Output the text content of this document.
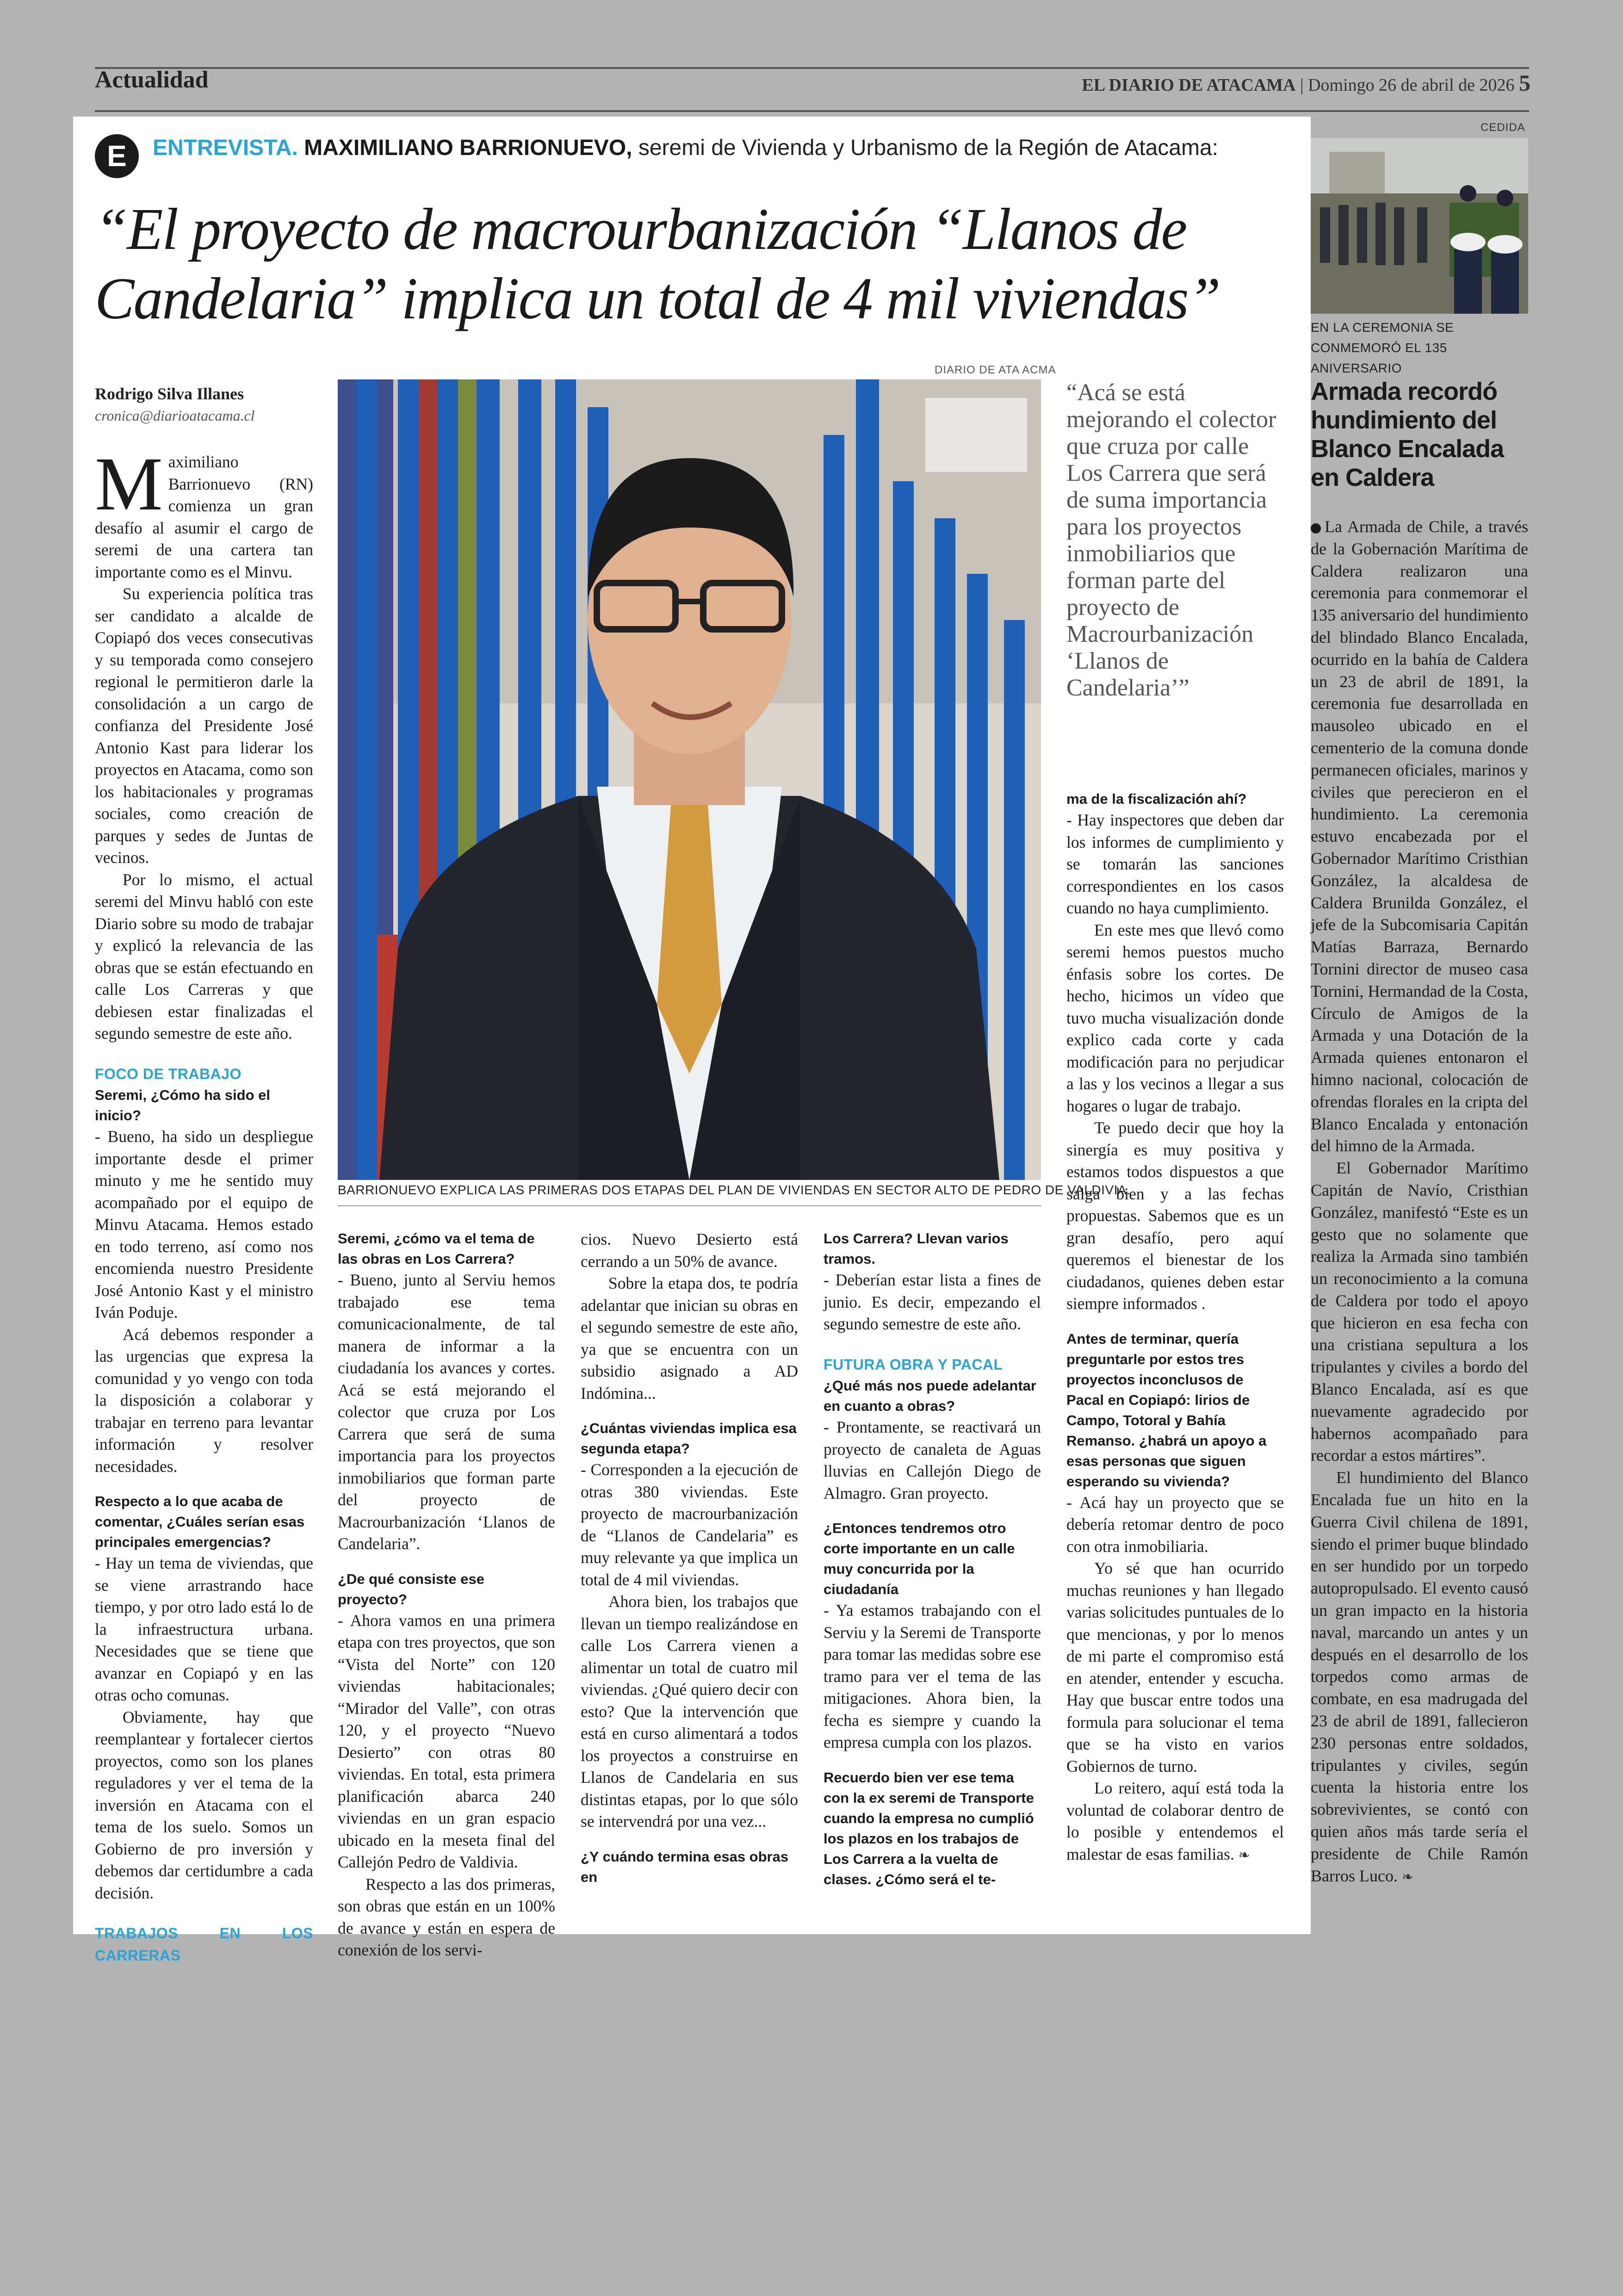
Actualidad	EL DIARIO DE ATACAMA | Domingo 26 de abril de 2026 5
E	ENTREVISTA. MAXIMILIANO BARRIONUEVO, seremi de Vivienda y Urbanismo de la Región de Atacama:
“El proyecto de macrourbanización “Llanos de Candelaria” implica un total de 4 mil viviendas”
Rodrigo Silva Illanes
cronica@diarioatacama.cl

Maximiliano Barrionuevo (RN) comienza un gran desafío al asumir el cargo de seremi de una cartera tan importante como es el Minvu.

Su experiencia política tras ser candidato a alcalde de Copiapó dos veces consecutivas y su temporada como consejero regional le permitieron darle la consolidación a un cargo de confianza del Presidente José Antonio Kast para liderar los proyectos en Atacama, como son los habitacionales y programas sociales, como creación de parques y sedes de Juntas de vecinos.

Por lo mismo, el actual seremi del Minvu habló con este Diario sobre su modo de trabajar y explicó la relevancia de las obras que se están efectuando en calle Los Carreras y que debiesen estar finalizadas el segundo semestre de este año.

FOCO DE TRABAJO

Seremi, ¿Cómo ha sido el inicio?

- Bueno, ha sido un despliegue importante desde el primer minuto y me he sentido muy acompañado por el equipo de Minvu Atacama. Hemos estado en todo terreno, así como nos encomienda nuestro Presidente José Antonio Kast y el ministro Iván Poduje.

Acá debemos responder a las urgencias que expresa la comunidad y yo vengo con toda la disposición a colaborar y trabajar en terreno para levantar información y resolver necesidades.

Respecto a lo que acaba de comentar, ¿Cuáles serían esas principales emergencias?

- Hay un tema de viviendas, que se viene arrastrando hace tiempo, y por otro lado está lo de la infraestructura urbana. Necesidades que se tiene que avanzar en Copiapó y en las otras ocho comunas.

Obviamente, hay que reemplantear y fortalecer ciertos proyectos, como son los planes reguladores y ver el tema de la inversión en Atacama con el tema de los suelo. Somos un Gobierno de pro inversión y debemos dar certidumbre a cada decisión.

TRABAJOS EN LOS CARRERAS

DIARIO DE ATA ACMA
BARRIONUEVO EXPLICA LAS PRIMERAS DOS ETAPAS DEL PLAN DE VIVIENDAS EN SECTOR ALTO DE PEDRO DE VALDIVIA.
“Acá se está mejorando el colector que cruza por calle Los Carrera que será de suma importancia para los proyectos inmobiliarios que forman parte del proyecto de Macrourbanización ‘Llanos de Candelaria’”

Seremi, ¿cómo va el tema de las obras en Los Carrera?

- Bueno, junto al Serviu hemos trabajado ese tema comunicacionalmente, de tal manera de informar a la ciudadanía los avances y cortes. Acá se está mejorando el colector que cruza por Los Carrera que será de suma importancia para los proyectos inmobiliarios que forman parte del proyecto de Macrourbanización ‘Llanos de Candelaria”.

¿De qué consiste ese proyecto?

- Ahora vamos en una primera etapa con tres proyectos, que son “Vista del Norte” con 120 viviendas habitacionales; “Mirador del Valle”, con otras 120, y el proyecto “Nuevo Desierto” con otras 80 viviendas. En total, esta primera planificación abarca 240 viviendas en un gran espacio ubicado en la meseta final del Callejón Pedro de Valdivia.

Respecto a las dos primeras, son obras que están en un 100% de avance y están en espera de conexión de los servi-

cios. Nuevo Desierto está cerrando a un 50% de avance.

Sobre la etapa dos, te podría adelantar que inician su obras en el segundo semestre de este año, ya que se encuentra con un subsidio asignado a AD Indómina...

¿Cuántas viviendas implica esa segunda etapa?

- Corresponden a la ejecución de otras 380 viviendas. Este proyecto de macrourbanización de “Llanos de Candelaria” es muy relevante ya que implica un total de 4 mil viviendas.

Ahora bien, los trabajos que llevan un tiempo realizándose en calle Los Carrera vienen a alimentar un total de cuatro mil viviendas. ¿Qué quiero decir con esto? Que la intervención que está en curso alimentará a todos los proyectos a construirse en Llanos de Candelaria en sus distintas etapas, por lo que sólo se intervendrá por una vez...

¿Y cuándo termina esas obras en

Los Carrera? Llevan varios tramos.

- Deberían estar lista a fines de junio. Es decir, empezando el segundo semestre de este año.

FUTURA OBRA Y PACAL

¿Qué más nos puede adelantar en cuanto a obras?

- Prontamente, se reactivará un proyecto de canaleta de Aguas lluvias en Callejón Diego de Almagro. Gran proyecto.

¿Entonces tendremos otro corte importante en un calle muy concurrida por la ciudadanía

- Ya estamos trabajando con el Serviu y la Seremi de Transporte para tomar las medidas sobre ese tramo para ver el tema de las mitigaciones. Ahora bien, la fecha es siempre y cuando la empresa cumpla con los plazos.

Recuerdo bien ver ese tema con la ex seremi de Transporte cuando la empresa no cumplió los plazos en los trabajos de Los Carrera a la vuelta de clases. ¿Cómo será el te-

ma de la fiscalización ahí?

- Hay inspectores que deben dar los informes de cumplimiento y se tomarán las sanciones correspondientes en los casos cuando no haya cumplimiento.

En este mes que llevó como seremi hemos puestos mucho énfasis sobre los cortes. De hecho, hicimos un vídeo que tuvo mucha visualización donde explico cada corte y cada modificación para no perjudicar a las y los vecinos a llegar a sus hogares o lugar de trabajo.

Te puedo decir que hoy la sinergía es muy positiva y estamos todos dispuestos a que salga bien y a las fechas propuestas. Sabemos que es un gran desafío, pero aquí queremos el bienestar de los ciudadanos, quienes deben estar siempre informados .

Antes de terminar, quería preguntarle por estos tres proyectos inconclusos de Pacal en Copiapó: lirios de Campo, Totoral y Bahía Remanso. ¿habrá un apoyo a esas personas que siguen esperando su vivienda?

- Acá hay un proyecto que se debería retomar dentro de poco con otra inmobiliaria.

Yo sé que han ocurrido muchas reuniones y han llegado varias solicitudes puntuales de lo que mencionas, y por lo menos de mi parte el compromiso está en atender, entender y escucha. Hay que buscar entre todos una formula para solucionar el tema que se ha visto en varios Gobiernos de turno.

Lo reitero, aquí está toda la voluntad de colaborar dentro de lo posible y entendemos el malestar de esas familias. ❧

CEDIDA
EN LA CEREMONIA SE CONMEMORÓ EL 135 ANIVERSARIO
Armada recordó hundimiento del Blanco Encalada en Caldera

La Armada de Chile, a través de la Gobernación Marítima de Caldera realizaron una ceremonia para conmemorar el 135 aniversario del hundimiento del blindado Blanco Encalada, ocurrido en la bahía de Caldera un 23 de abril de 1891, la ceremonia fue desarrollada en mausoleo ubicado en el cementerio de la comuna donde permanecen oficiales, marinos y civiles que perecieron en el hundimiento. La ceremonia estuvo encabezada por el Gobernador Marítimo Cristhian González, la alcaldesa de Caldera Brunilda González, el jefe de la Subcomisaria Capitán Matías Barraza, Bernardo Tornini director de museo casa Tornini, Hermandad de la Costa, Círculo de Amigos de la Armada y una Dotación de la Armada quienes entonaron el himno nacional, colocación de ofrendas florales en la cripta del Blanco Encalada y entonación del himno de la Armada.

El Gobernador Marítimo Capitán de Navío, Cristhian González, manifestó “Este es un gesto que no solamente que realiza la Armada sino también un reconocimiento a la comuna de Caldera por todo el apoyo que hicieron en esa fecha con una cristiana sepultura a los tripulantes y civiles a bordo del Blanco Encalada, así es que nuevamente agradecido por habernos acompañado para recordar a estos mártires”.

El hundimiento del Blanco Encalada fue un hito en la Guerra Civil chilena de 1891, siendo el primer buque blindado en ser hundido por un torpedo autopropulsado. El evento causó un gran impacto en la historia naval, marcando un antes y un después en el desarrollo de los torpedos como armas de combate, en esa madrugada del 23 de abril de 1891, fallecieron 230 personas entre soldados, tripulantes y civiles, según cuenta la historia entre los sobrevivientes, se contó con quien años más tarde sería el presidente de Chile Ramón Barros Luco. ❧
